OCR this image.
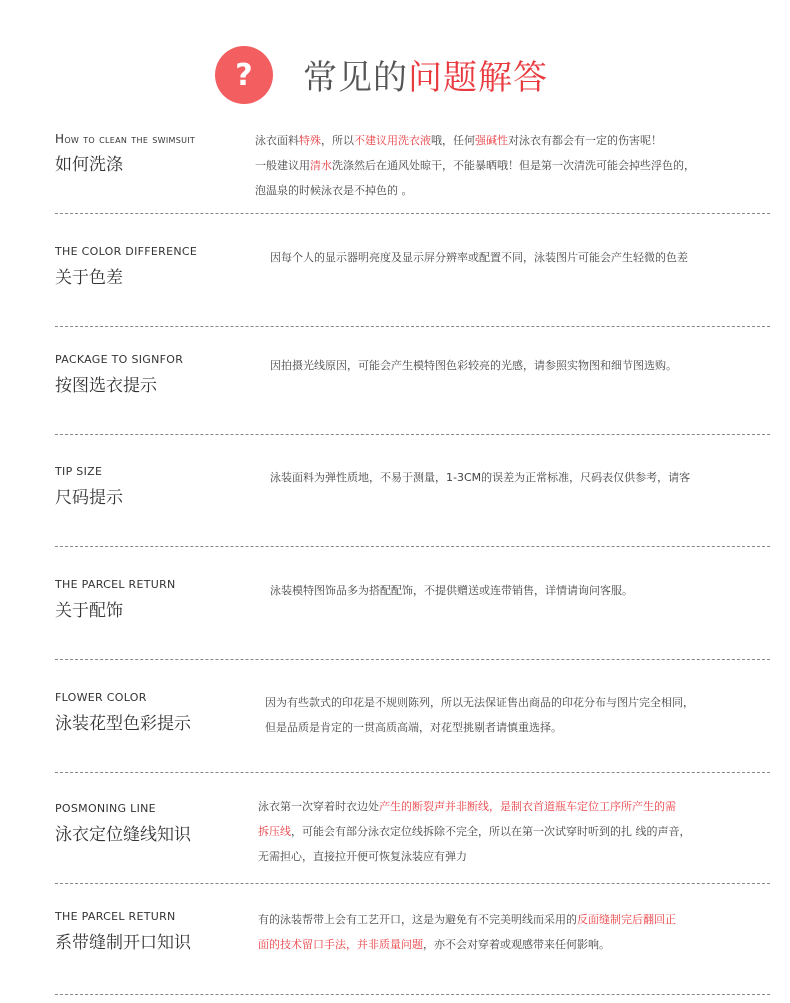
?	常见的问题解答
How to clean the swimsuit
如何洗涤
泳衣面料特殊，所以不建议用洗衣液哦，任何强碱性对泳衣有都会有一定的伤害呢！
一般建议用清水洗涤然后在通风处晾干，不能暴晒哦！但是第一次清洗可能会掉些浮色的，
泡温泉的时候泳衣是不掉色的 。
THE COLOR DIFFERENCE
关于色差
因每个人的显示器明亮度及显示屏分辨率或配置不同，泳装图片可能会产生轻微的色差
PACKAGE TO SIGNFOR
按图选衣提示
因拍摄光线原因，可能会产生模特图色彩较亮的光感，请参照实物图和细节图选购。
TIP SIZE
尺码提示
泳装面料为弹性质地，不易于测量，1-3CM的误差为正常标准，尺码表仅供参考，请客
THE PARCEL RETURN
关于配饰
泳装模特图饰品多为搭配配饰，不提供赠送或连带销售，详情请询问客服。
FLOWER COLOR
泳装花型色彩提示
因为有些款式的印花是不规则陈列，所以无法保证售出商品的印花分布与图片完全相同，
但是品质是肯定的一贯高质高端，对花型挑剔者请慎重选择。
POSMONING LINE
泳衣定位缝线知识
泳衣第一次穿着时衣边处产生的断裂声并非断线，是制衣首道瓶车定位工序所产生的需
拆压线，可能会有部分泳衣定位线拆除不完全，所以在第一次试穿时听到的扎 线的声音，
无需担心，直接拉开便可恢复泳装应有弹力
THE PARCEL RETURN
系带缝制开口知识
有的泳装帮带上会有工艺开口，这是为避免有不完美明线而采用的反面缝制完后翻回正
面的技术留口手法，并非质量问题，亦不会对穿着或观感带来任何影响。
